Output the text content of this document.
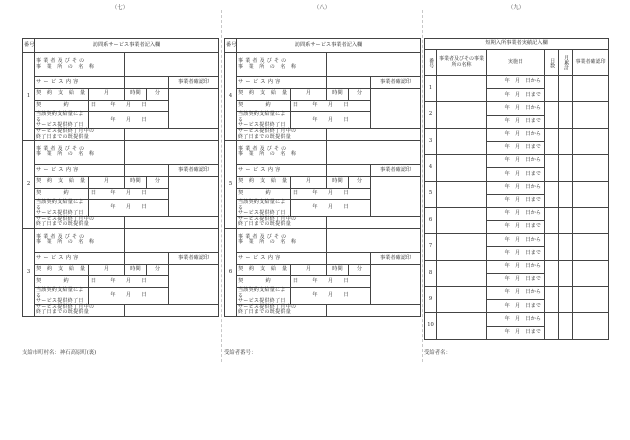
（七）
番号	訪問系サービス事業者記入欄				
1	事 業 者 及 び そ の
事　業　所　の　名　称				
	サ ー ビ ス 内 容				事業者確認印
	契　約　支　給　量	月	時間	分	
	契　　　　約　　　　日	年　　月　　日			
	当該契約支給量による
サービス提供終了日	年　　月　　日			
	サービス提供終了月中の
終了日までの既提供量				

2	事 業 者 及 び そ の
事　業　所　の　名　称				
	サ ー ビ ス 内 容				事業者確認印
	契　約　支　給　量	月	時間	分	
	契　　　　約　　　　日	年　　月　　日			
	当該契約支給量による
サービス提供終了日	年　　月　　日			
	サービス提供終了月中の
終了日までの既提供量				

3	事 業 者 及 び そ の
事　業　所　の　名　称				
	サ ー ビ ス 内 容				事業者確認印
	契　約　支　給　量	月	時間	分	
	契　　　　約　　　　日	年　　月　　日			
	当該契約支給量による
サービス提供終了日	年　　月　　日			
	サービス提供終了月中の
終了日までの既提供量				

支給市町村名：神石高原町(裏)
（八）
番号	訪問系サービス事業者記入欄				
4	事 業 者 及 び そ の
事　業　所　の　名　称				
	サ ー ビ ス 内 容				事業者確認印
	契　約　支　給　量	月	時間	分	
	契　　　　約　　　　日	年　　月　　日			
	当該契約支給量による
サービス提供終了日	年　　月　　日			
	サービス提供終了月中の
終了日までの既提供量				

5	事 業 者 及 び そ の
事　業　所　の　名　称				
	サ ー ビ ス 内 容				事業者確認印
	契　約　支　給　量	月	時間	分	
	契　　　　約　　　　日	年　　月　　日			
	当該契約支給量による
サービス提供終了日	年　　月　　日			
	サービス提供終了月中の
終了日までの既提供量				

6	事 業 者 及 び そ の
事　業　所　の　名　称				
	サ ー ビ ス 内 容				事業者確認印
	契　約　支　給　量	月	時間	分	
	契　　　　約　　　　日	年　　月　　日			
	当該契約支給量による
サービス提供終了日	年　　月　　日			
	サービス提供終了月中の
終了日までの既提供量				

受給者番号：
（九）
短期入所事業者実績記入欄					

番号	事業者及びその事業所の名称	実施日	日数	月累計	事業者確認印
1		年　月　日から			
		年　月　日まで			
2		年　月　日から			
		年　月　日まで			
3		年　月　日から			
		年　月　日まで			
4		年　月　日から			
		年　月　日まで			
5		年　月　日から			
		年　月　日まで			
6		年　月　日から			
		年　月　日まで			
7		年　月　日から			
		年　月　日まで			
8		年　月　日から			
		年　月　日まで			
9		年　月　日から			
		年　月　日まで			
10		年　月　日から			
		年　月　日まで			
受給者名：
